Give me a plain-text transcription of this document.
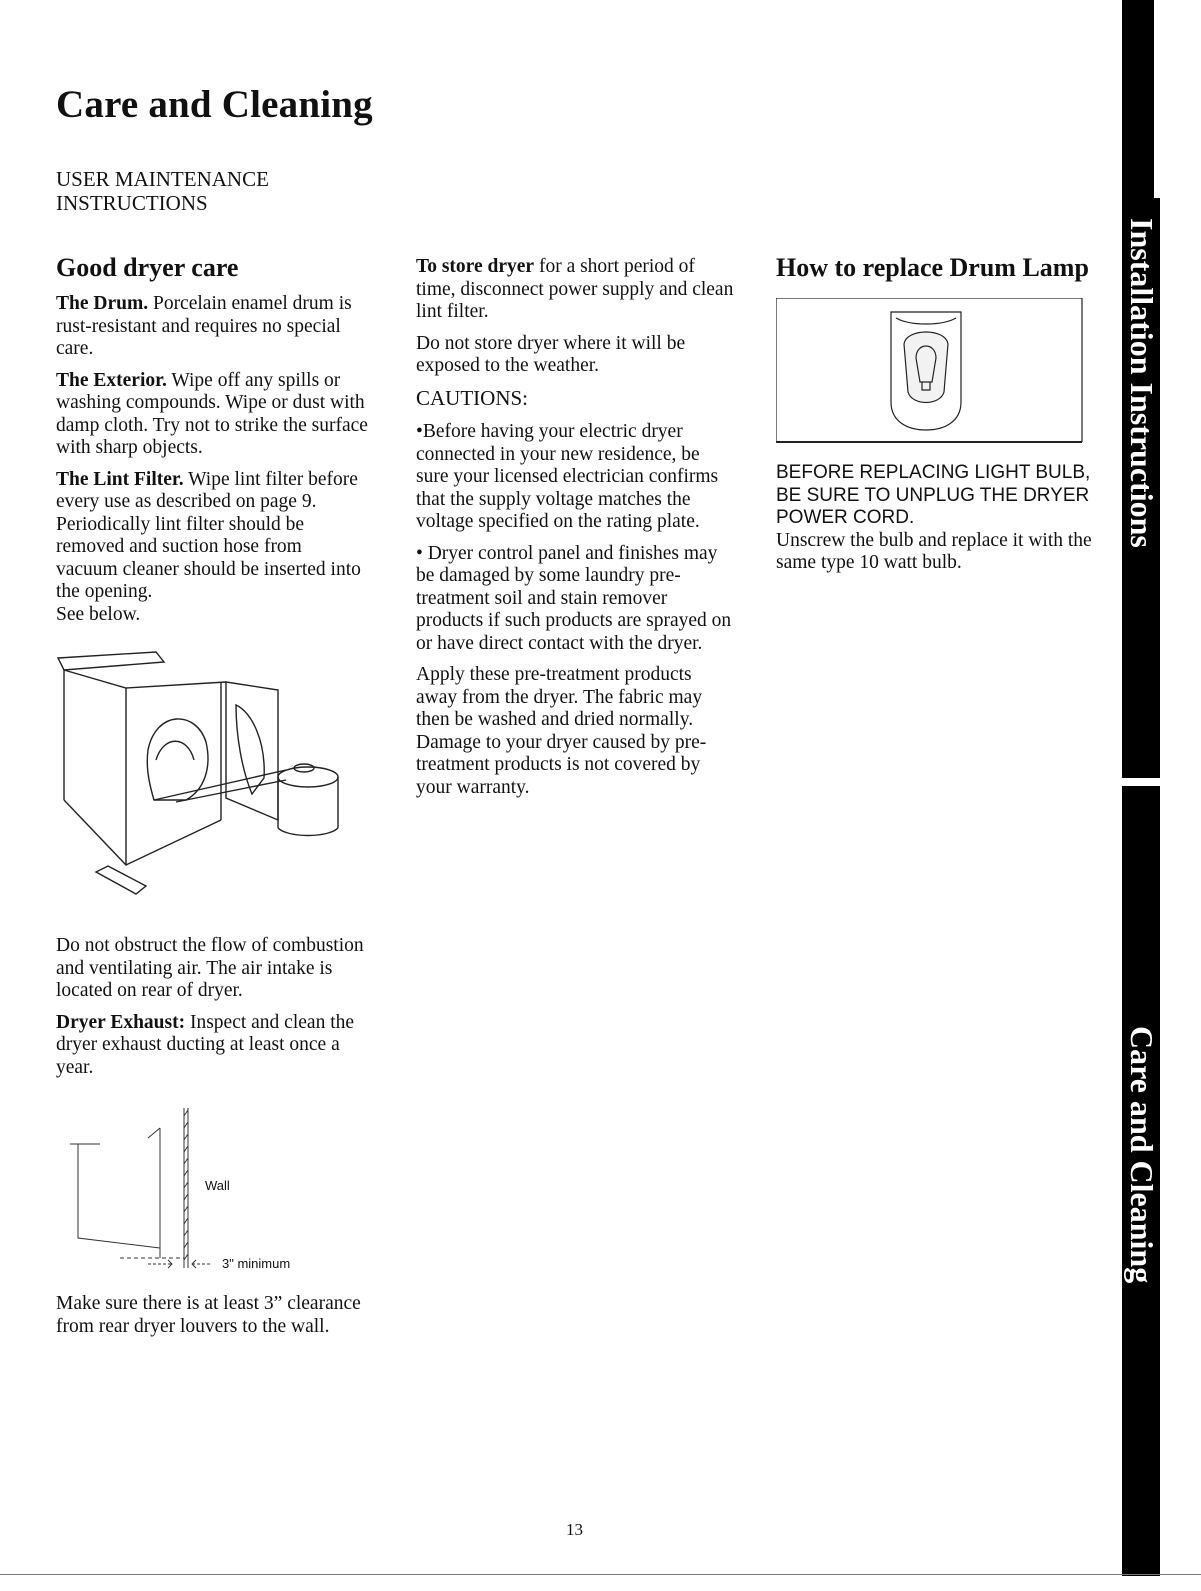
Care and Cleaning
USER MAINTENANCE
INSTRUCTIONS
Good dryer care

The Drum. Porcelain enamel drum is rust-resistant and requires no special care.

The Exterior. Wipe off any spills or washing compounds. Wipe or dust with damp cloth. Try not to strike the surface with sharp objects.

The Lint Filter. Wipe lint filter before every use as described on page 9. Periodically lint filter should be removed and suction hose from vacuum cleaner should be inserted into the opening.

See below.

Do not obstruct the flow of combustion and ventilating air. The air intake is located on rear of dryer.

Dryer Exhaust: Inspect and clean the dryer exhaust ducting at least once a year.

Wall
3" minimum

Make sure there is at least 3” clearance from rear dryer louvers to the wall.

To store dryer for a short period of time, disconnect power supply and clean lint filter.

Do not store dryer where it will be exposed to the weather.

CAUTIONS:

•Before having your electric dryer connected in your new residence, be sure your licensed electrician confirms that the supply voltage matches the voltage specified on the rating plate.

• Dryer control panel and finishes may be damaged by some laundry pre-treatment soil and stain remover products if such products are sprayed on or have direct contact with the dryer.

Apply these pre-treatment products away from the dryer. The fabric may then be washed and dried normally. Damage to your dryer caused by pre-treatment products is not covered by your warranty.

How to replace Drum Lamp
BEFORE REPLACING LIGHT BULB, BE SURE TO UNPLUG THE DRYER POWER CORD.
Unscrew the bulb and replace it with the same type 10 watt bulb.
Installation Instructions
Care and Cleaning
13
